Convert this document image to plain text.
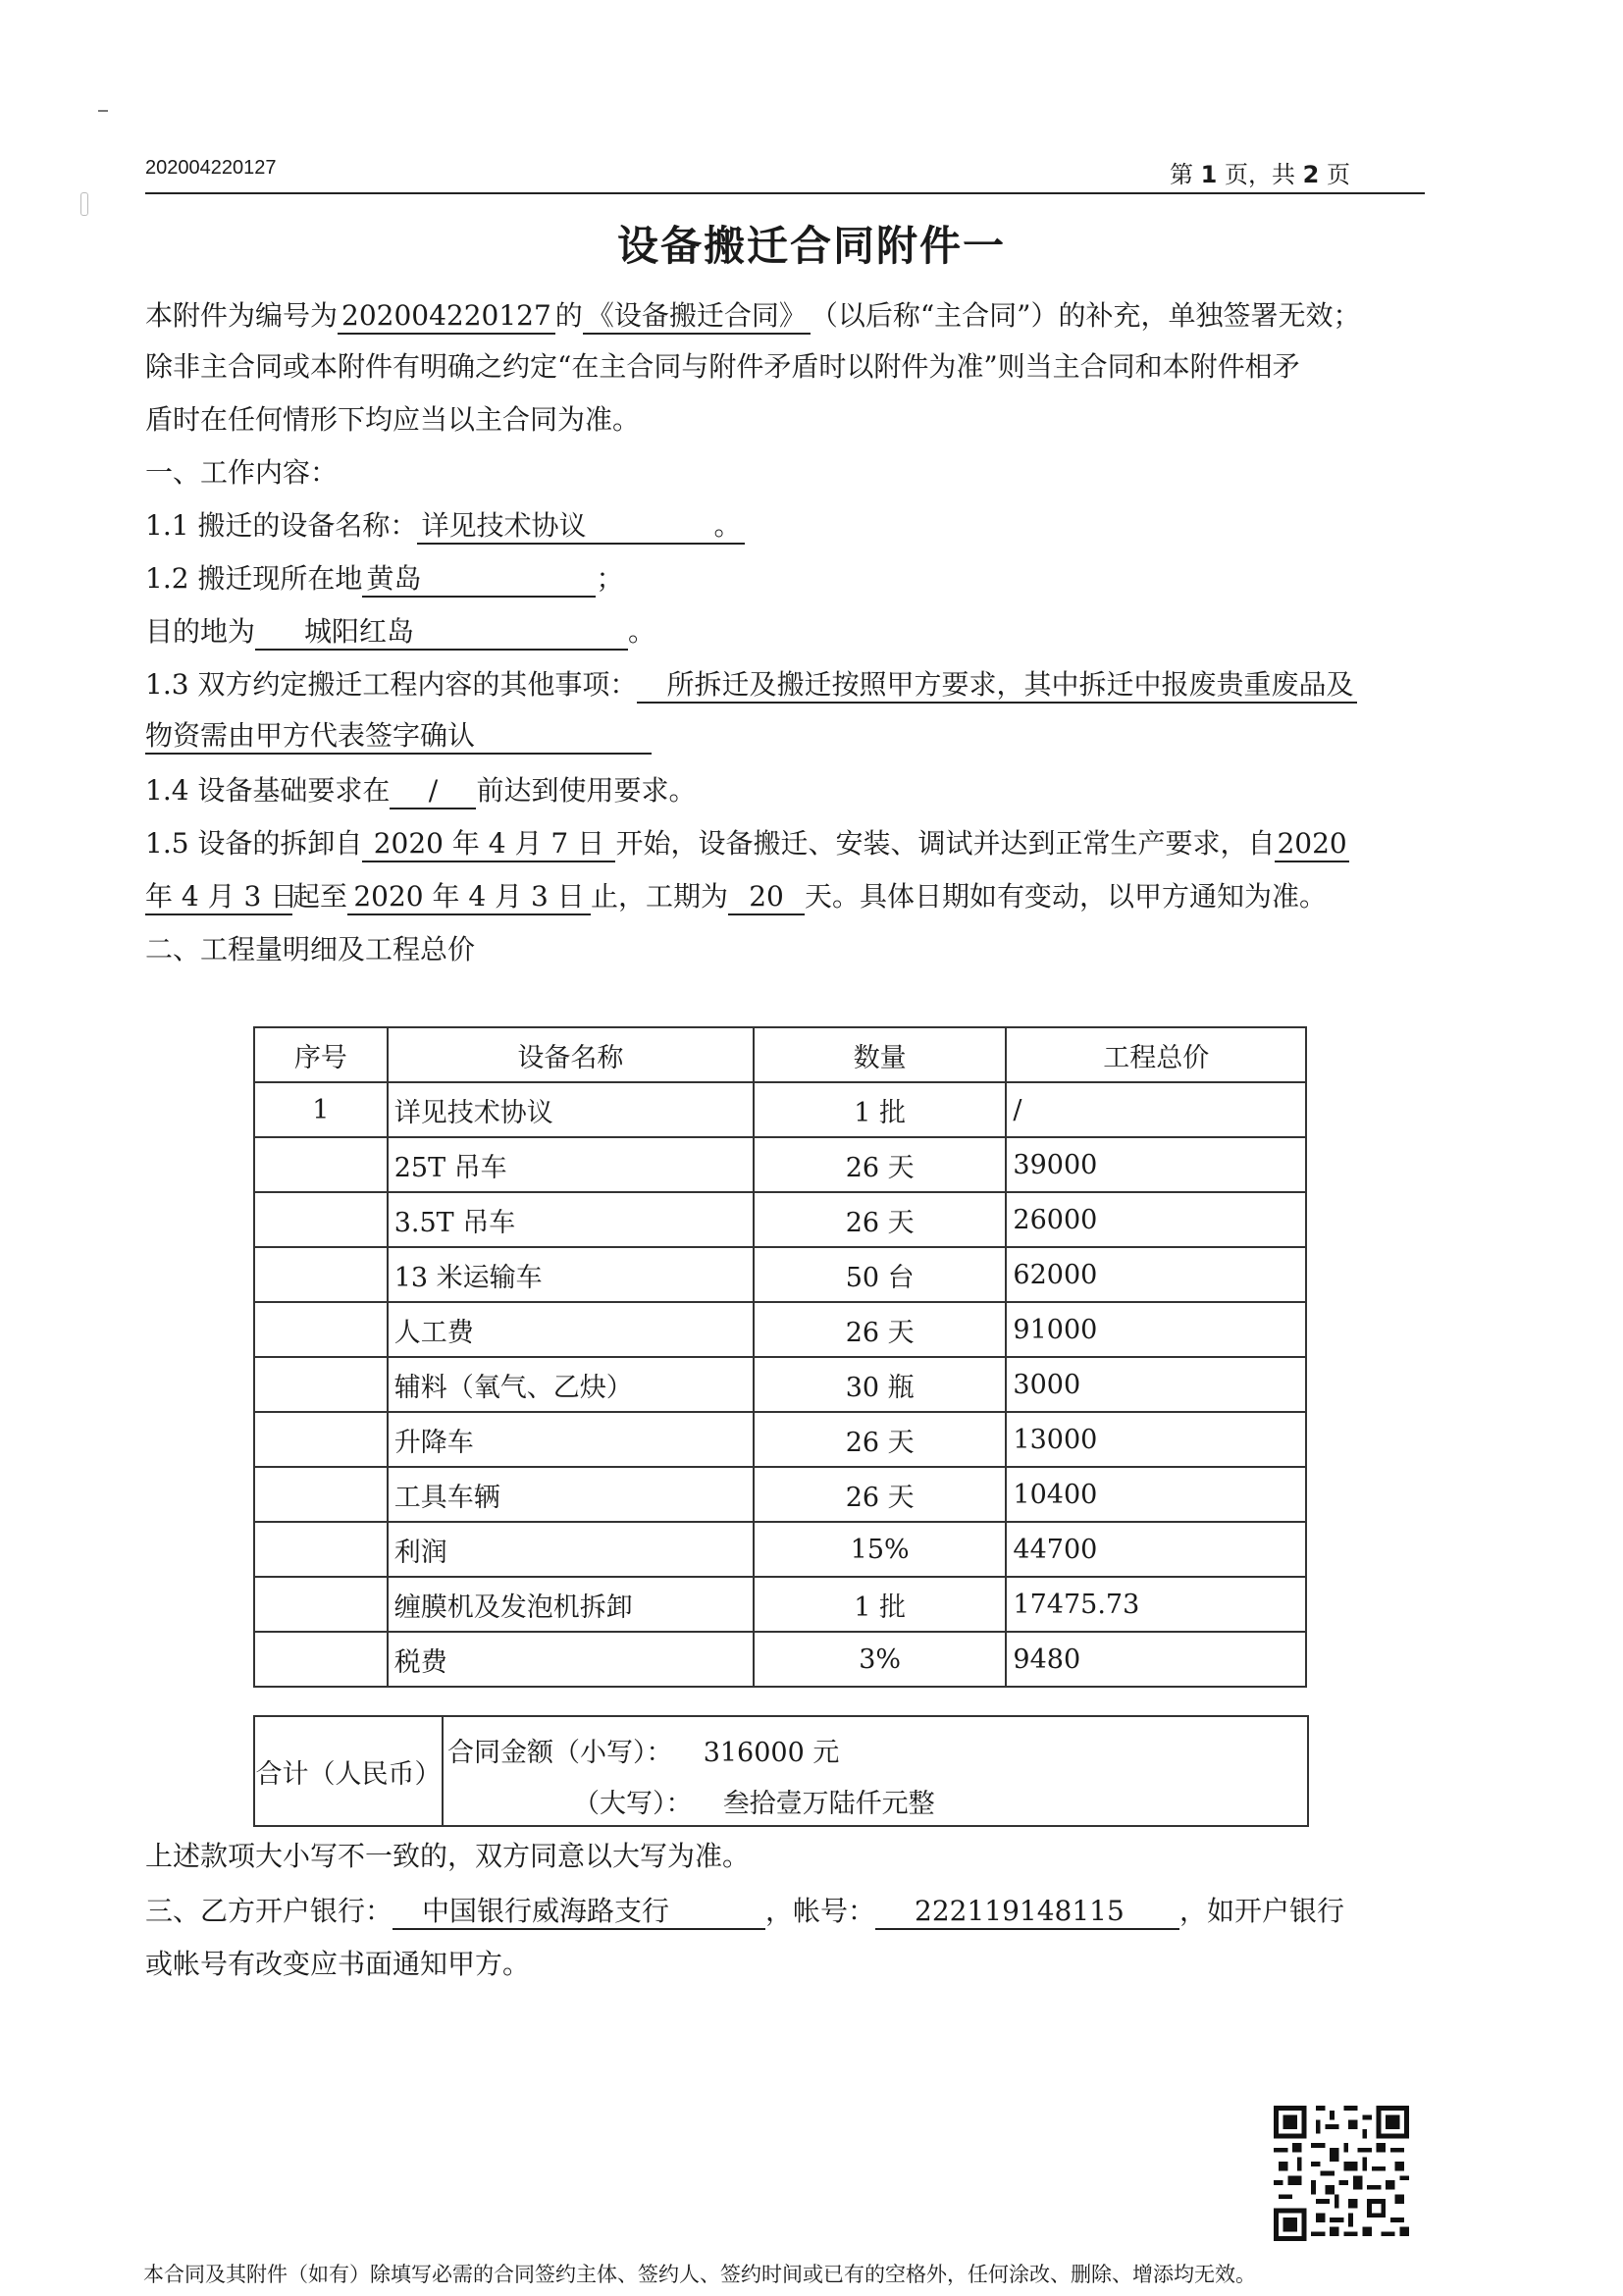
202004220127	第 1 页，共 2 页
设备搬迁合同附件一
本附件为编号为 202004220127 的 《设备搬迁合同》 （以后称“主合同”）的补充，单独签署无效；
除非主合同或本附件有明确之约定“在主合同与附件矛盾时以附件为准”则当主合同和本附件相矛
盾时在任何情形下均应当以主合同为准。
一、工作内容：
1.1 搬迁的设备名称： 详见技术协议	。
1.2 搬迁现所在地 黄岛	；
目的地为 城阳红岛	。
1.3 双方约定搬迁工程内容的其他事项： 所拆迁及搬迁按照甲方要求，其中拆迁中报废贵重废品及
物资需由甲方代表签字确认
1.4 设备基础要求在 / 前达到使用要求。
1.5 设备的拆卸自 2020 年 4 月 7 日 开始，设备搬迁、安装、调试并达到正常生产要求，自2020
年 4 月 3 日起至 2020 年 4 月 3 日 止，工期为 20 天。具体日期如有变动，以甲方通知为准。
二、工程量明细及工程总价
序号	设备名称	数量	工程总价
1	详见技术协议	1 批	/
	25T 吊车	26 天	39000
	3.5T 吊车	26 天	26000
	13 米运输车	50 台	62000
	人工费	26 天	91000
	辅料（氧气、乙炔）	30 瓶	3000
	升降车	26 天	13000
	工具车辆	26 天	10400
	利润	15%	44700
	缠膜机及发泡机拆卸	1 批	17475.73
	税费	3%	9480
合计（人民币）
合同金额（小写）： 316000 元
（大写）： 叁拾壹万陆仟元整
上述款项大小写不一致的，双方同意以大写为准。
三、乙方开户银行： 中国银行威海路支行	，帐号： 222119148115 ，如开户银行
或帐号有改变应书面通知甲方。
本合同及其附件（如有）除填写必需的合同签约主体、签约人、签约时间或已有的空格外，任何涂改、删除、增添均无效。
